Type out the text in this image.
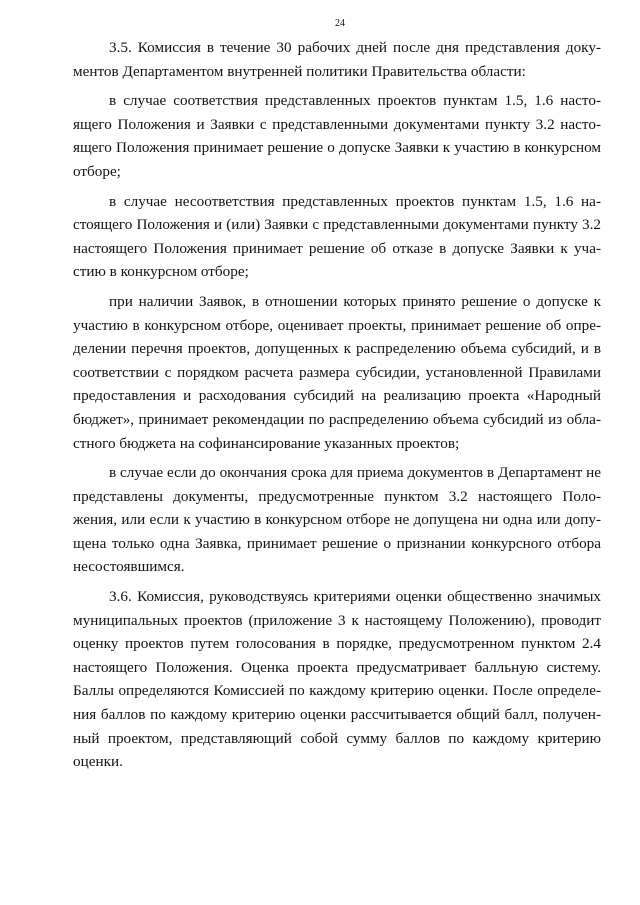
24

3.5. Комиссия в течение 30 рабочих дней после дня представления документов Департаментом внутренней политики Правительства области:

в случае соответствия представленных проектов пунктам 1.5, 1.6 настоящего Положения и Заявки с представленными документами пункту 3.2 настоящего Положения принимает решение о допуске Заявки к участию в конкурсном отборе;

в случае несоответствия представленных проектов пунктам 1.5, 1.6 настоящего Положения и (или) Заявки с представленными документами пункту 3.2 настоящего Положения принимает решение об отказе в допуске Заявки к участию в конкурсном отборе;

при наличии Заявок, в отношении которых принято решение о допуске к участию в конкурсном отборе, оценивает проекты, принимает решение об определении перечня проектов, допущенных к распределению объема субсидий, и в соответствии с порядком расчета размера субсидии, установленной Правилами предоставления и расходования субсидий на реализацию проекта «Народный бюджет», принимает рекомендации по распределению объема субсидий из областного бюджета на софинансирование указанных проектов;

в случае если до окончания срока для приема документов в Департамент не представлены документы, предусмотренные пунктом 3.2 настоящего Положения, или если к участию в конкурсном отборе не допущена ни одна или допущена только одна Заявка, принимает решение о признании конкурсного отбора несостоявшимся.

3.6. Комиссия, руководствуясь критериями оценки общественно значимых муниципальных проектов (приложение 3 к настоящему Положению), проводит оценку проектов путем голосования в порядке, предусмотренном пунктом 2.4 настоящего Положения. Оценка проекта предусматривает балльную систему. Баллы определяются Комиссией по каждому критерию оценки. После определения баллов по каждому критерию оценки рассчитывается общий балл, полученный проектом, представляющий собой сумму баллов по каждому критерию оценки.
